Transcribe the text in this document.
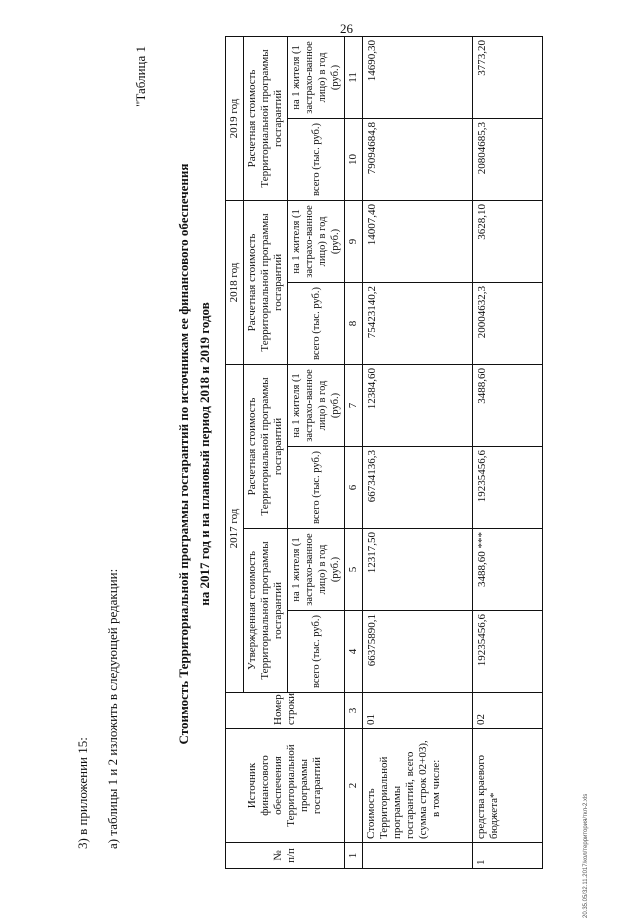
26
20.35.05/32.11.2017/кол/территория/ткл-2.xls
3) в приложении 15: а) таблицы 1 и 2 изложить в следующей редакции:
"Таблица 1
Стоимость Территориальной программы госгарантий по источникам ее финансового обеспечения на 2017 год и на плановый период 2018 и 2019 годов
№ п/п	Источник финансового обеспечения Территориальной программы госгарантий	Номер строки	2017 год				2018 год		2019 год	
			Утвержденная стоимость Территориальной программы госгарантий		Расчетная стоимость Территориальной программы госгарантий		Расчетная стоимость Территориальной программы госгарантий		Расчетная стоимость Территориальной программы госгарантий	
			всего (тыс. руб.)	на 1 жителя (1 застрахо-ванное лицо) в год (руб.)	всего (тыс. руб.)	на 1 жителя (1 застрахо-ванное лицо) в год (руб.)	всего (тыс. руб.)	на 1 жителя (1 застрахо-ванное лицо) в год (руб.)	всего (тыс. руб.)	на 1 жителя (1 застрахо-ванное лицо) в год (руб.)
1	2	3	4	5	6	7	8	9	10	11

	Стоимость Территориальной программы госгарантий, всего (сумма строк 02+03), в том числе:	01	66375890,1	12317,50	66734136,3	12384,60	75423140,2	14007,40	79094684,8	14690,30
1	средства краевого бюджета*	02	19235456,6	3488,60 ***	19235456,6	3488,60	20004632,3	3628,10	20804685,3	3773,20
